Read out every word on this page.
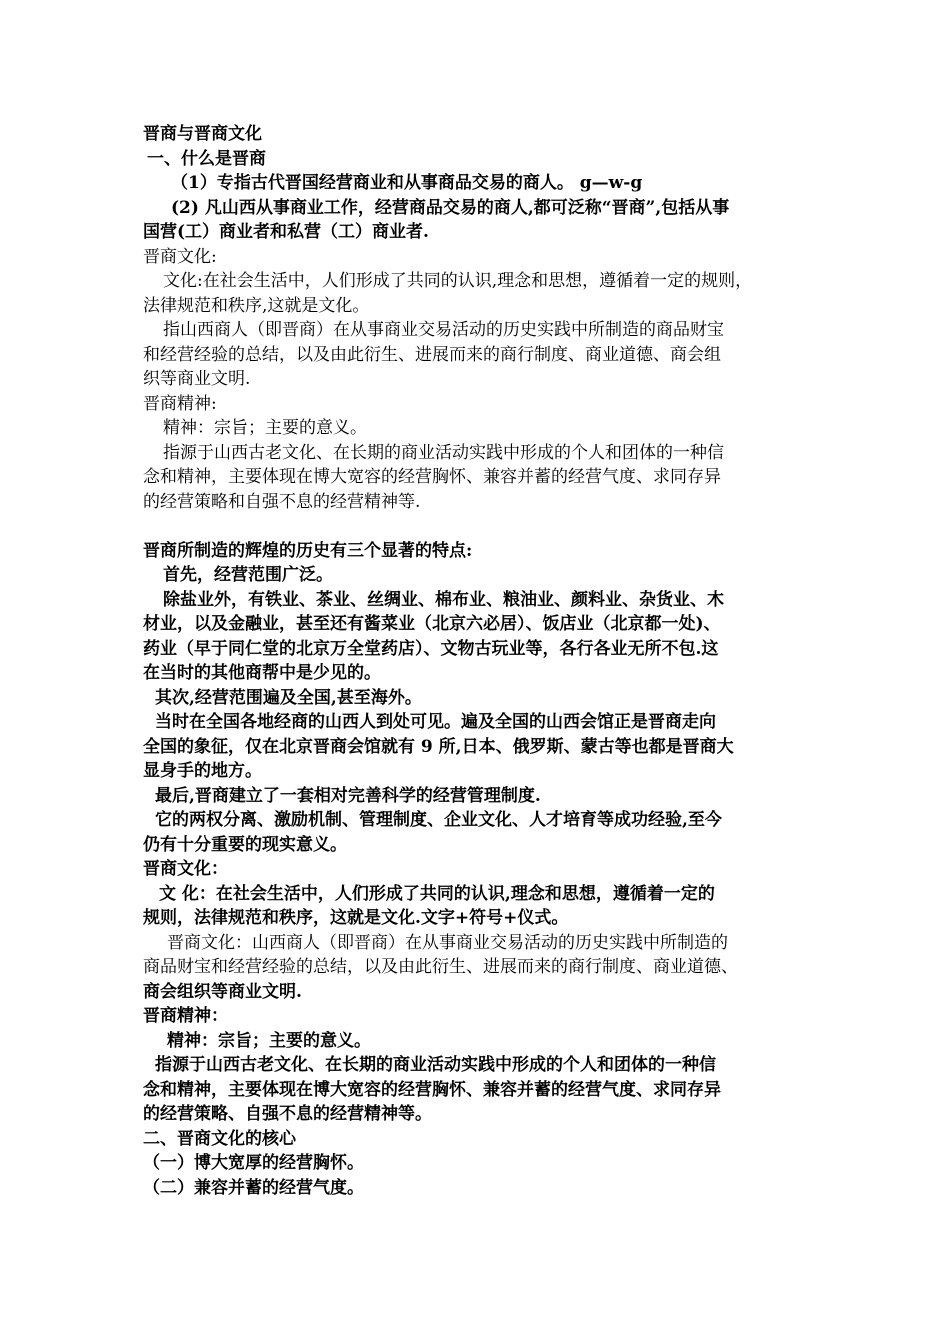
晋商与晋商文化
一、什么是晋商
（1）专指古代晋国经营商业和从事商品交易的商人。 g—w-g
(2) 凡山西从事商业工作，经营商品交易的商人,都可泛称“晋商”,包括从事
国营(工）商业者和私营（工）商业者.
晋商文化:
文化:在社会生活中，人们形成了共同的认识,理念和思想，遵循着一定的规则，
法律规范和秩序,这就是文化。
指山西商人（即晋商）在从事商业交易活动的历史实践中所制造的商品财宝
和经营经验的总结，以及由此衍生、进展而来的商行制度、商业道德、商会组
织等商业文明.
晋商精神:
精神：宗旨；主要的意义。
指源于山西古老文化、在长期的商业活动实践中形成的个人和团体的一种信
念和精神，主要体现在博大宽容的经营胸怀、兼容并蓄的经营气度、求同存异
的经营策略和自强不息的经营精神等.
晋商所制造的辉煌的历史有三个显著的特点:
首先，经营范围广泛。
除盐业外，有铁业、茶业、丝绸业、棉布业、粮油业、颜料业、杂货业、木
材业，以及金融业，甚至还有酱菜业（北京六必居）、饭店业（北京都一处)、
药业（早于同仁堂的北京万全堂药店）、文物古玩业等，各行各业无所不包.这
在当时的其他商帮中是少见的。
其次,经营范围遍及全国,甚至海外。
当时在全国各地经商的山西人到处可见。遍及全国的山西会馆正是晋商走向
全国的象征，仅在北京晋商会馆就有 9 所,日本、俄罗斯、蒙古等也都是晋商大
显身手的地方。
最后,晋商建立了一套相对完善科学的经营管理制度.
它的两权分离、激励机制、管理制度、企业文化、人才培育等成功经验,至今
仍有十分重要的现实意义。
晋商文化：
文 化：在社会生活中，人们形成了共同的认识,理念和思想，遵循着一定的
规则，法律规范和秩序，这就是文化.文字+符号+仪式。
晋商文化：山西商人（即晋商）在从事商业交易活动的历史实践中所制造的
商品财宝和经营经验的总结，以及由此衍生、进展而来的商行制度、商业道德、
商会组织等商业文明.
晋商精神：
精神：宗旨；主要的意义。
指源于山西古老文化、在长期的商业活动实践中形成的个人和团体的一种信
念和精神，主要体现在博大宽容的经营胸怀、兼容并蓄的经营气度、求同存异
的经营策略、自强不息的经营精神等。
二、晋商文化的核心
（一）博大宽厚的经营胸怀。
（二）兼容并蓄的经营气度。
